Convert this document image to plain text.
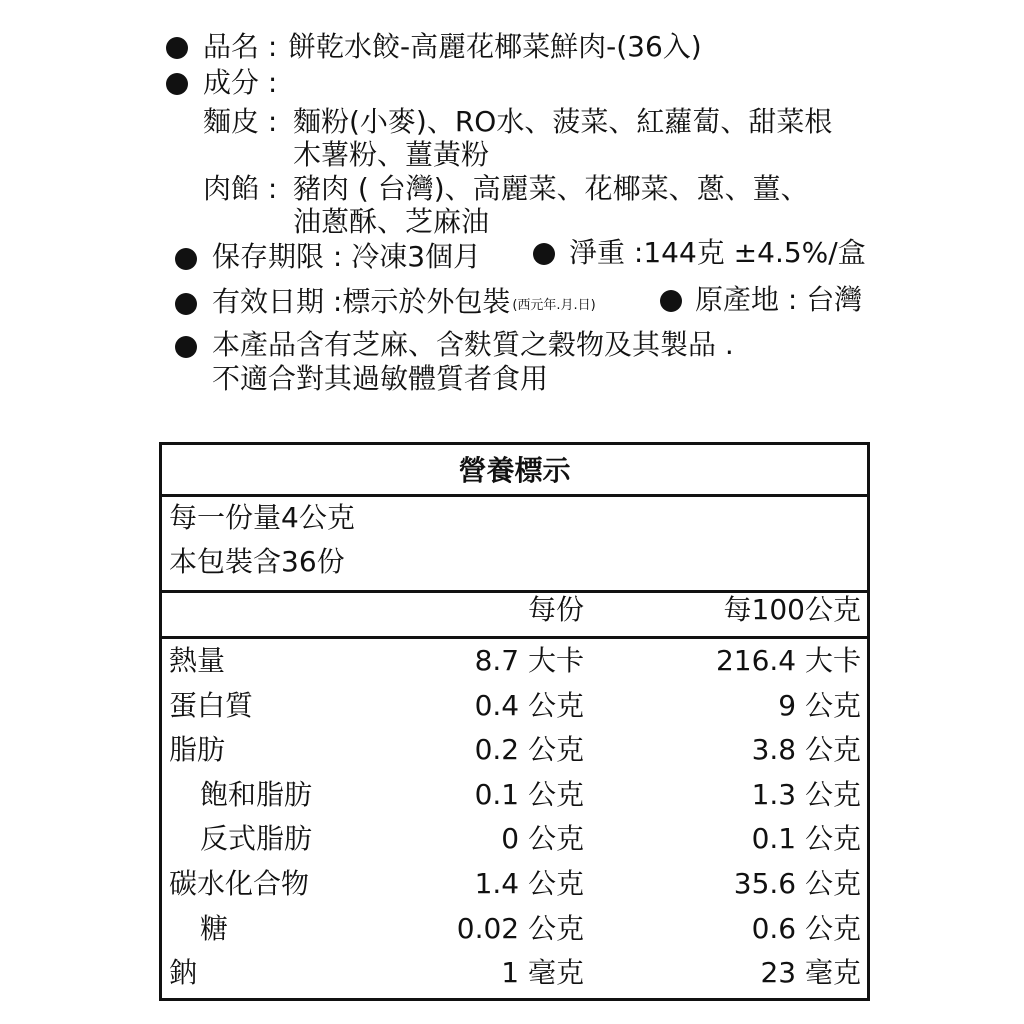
品名 : 餅乾水餃-高麗花椰菜鮮肉-(36入)
成分 :
麵皮 : 麵粉(小麥)、RO水、菠菜、紅蘿蔔、甜菜根
木薯粉、薑黃粉
肉餡 : 豬肉 ( 台灣)、高麗菜、花椰菜、蔥、薑、
油蔥酥、芝麻油
保存期限 : 冷凍3個月	淨重 :144克 ±4.5%/盒
有效日期 :標示於外包裝 (西元年.月.日)	原產地 : 台灣
本產品含有芝麻、含麩質之穀物及其製品 .
不適合對其過敏體質者食用
營養標示
每一份量4公克
本包裝含36份
每份	每100公克
熱量	8.7 大卡	216.4 大卡
蛋白質	0.4 公克	9 公克
脂肪	0.2 公克	3.8 公克
飽和脂肪	0.1 公克	1.3 公克
反式脂肪	0 公克	0.1 公克
碳水化合物	1.4 公克	35.6 公克
糖	0.02 公克	0.6 公克
鈉	1 毫克	23 毫克
